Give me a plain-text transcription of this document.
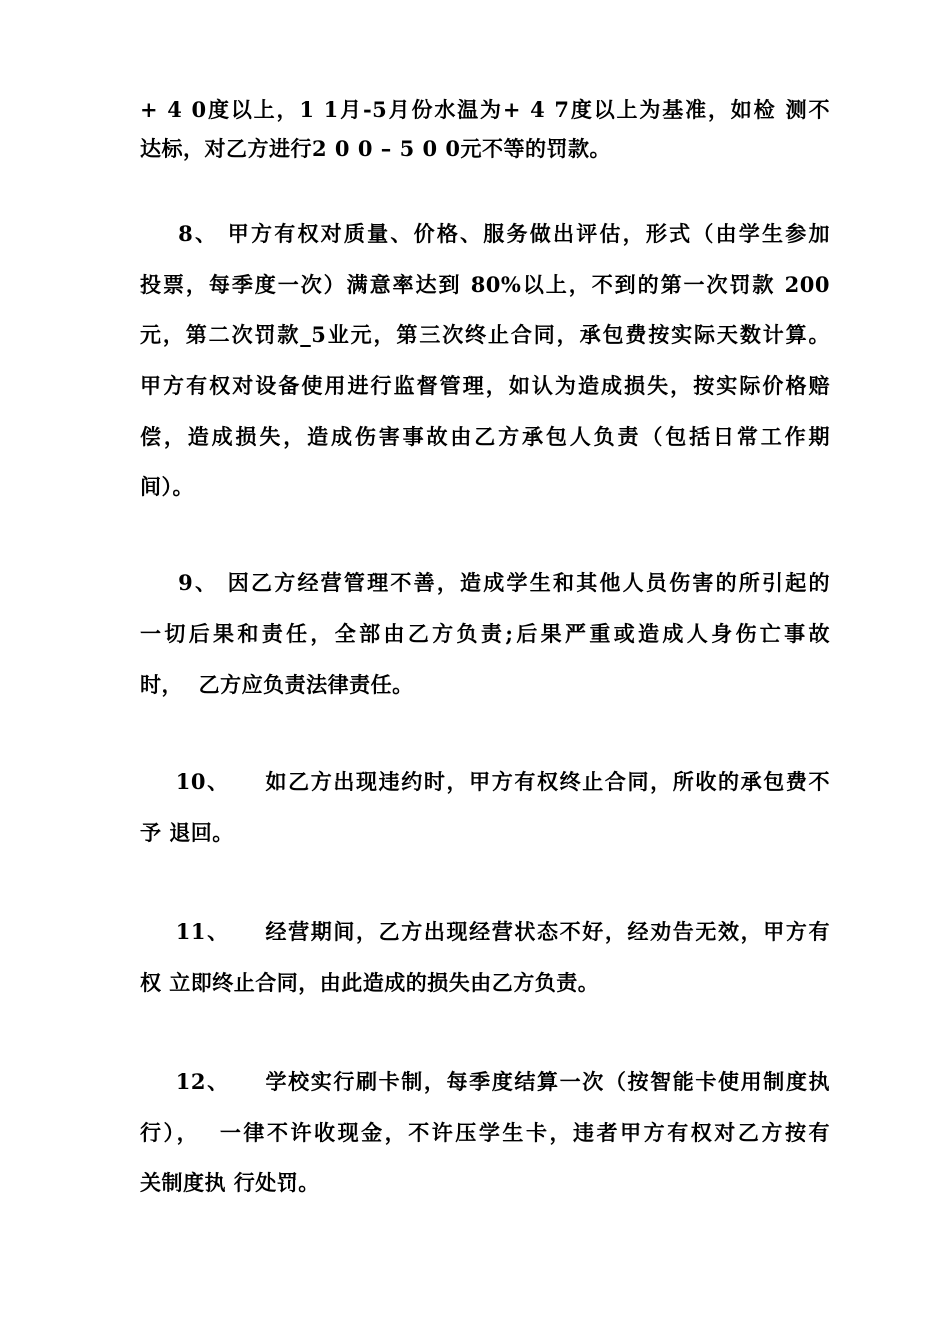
+ 4 0度以上，1 1月-5月份水温为+ 4 7度以上为基准，如检 测不
达标，对乙方进行2 0 0 – 5 0 0元不等的罚款。
8、 甲方有权对质量、价格、服务做出评估，形式（由学生参加
投票，每季度一次）满意率达到 80%以上，不到的第一次罚款 200
元，第二次罚款_5业元，第三次终止合同，承包费按实际天数计算。
甲方有权对设备使用进行监督管理，如认为造成损失，按实际价格赔
偿，造成损失，造成伤害事故由乙方承包人负责（包括日常工作期
间）。
9、 因乙方经营管理不善，造成学生和其他人员伤害的所引起的
一切后果和责任，全部由乙方负责;后果严重或造成人身伤亡事故
时，  乙方应负责法律责任。
10、    如乙方出现违约时，甲方有权终止合同，所收的承包费不
予 退回。
11、    经营期间，乙方出现经营状态不好，经劝告无效，甲方有
权 立即终止合同，由此造成的损失由乙方负责。
12、    学校实行刷卡制，每季度结算一次（按智能卡使用制度执
行），  一律不许收现金，不许压学生卡，违者甲方有权对乙方按有
关制度执 行处罚。
